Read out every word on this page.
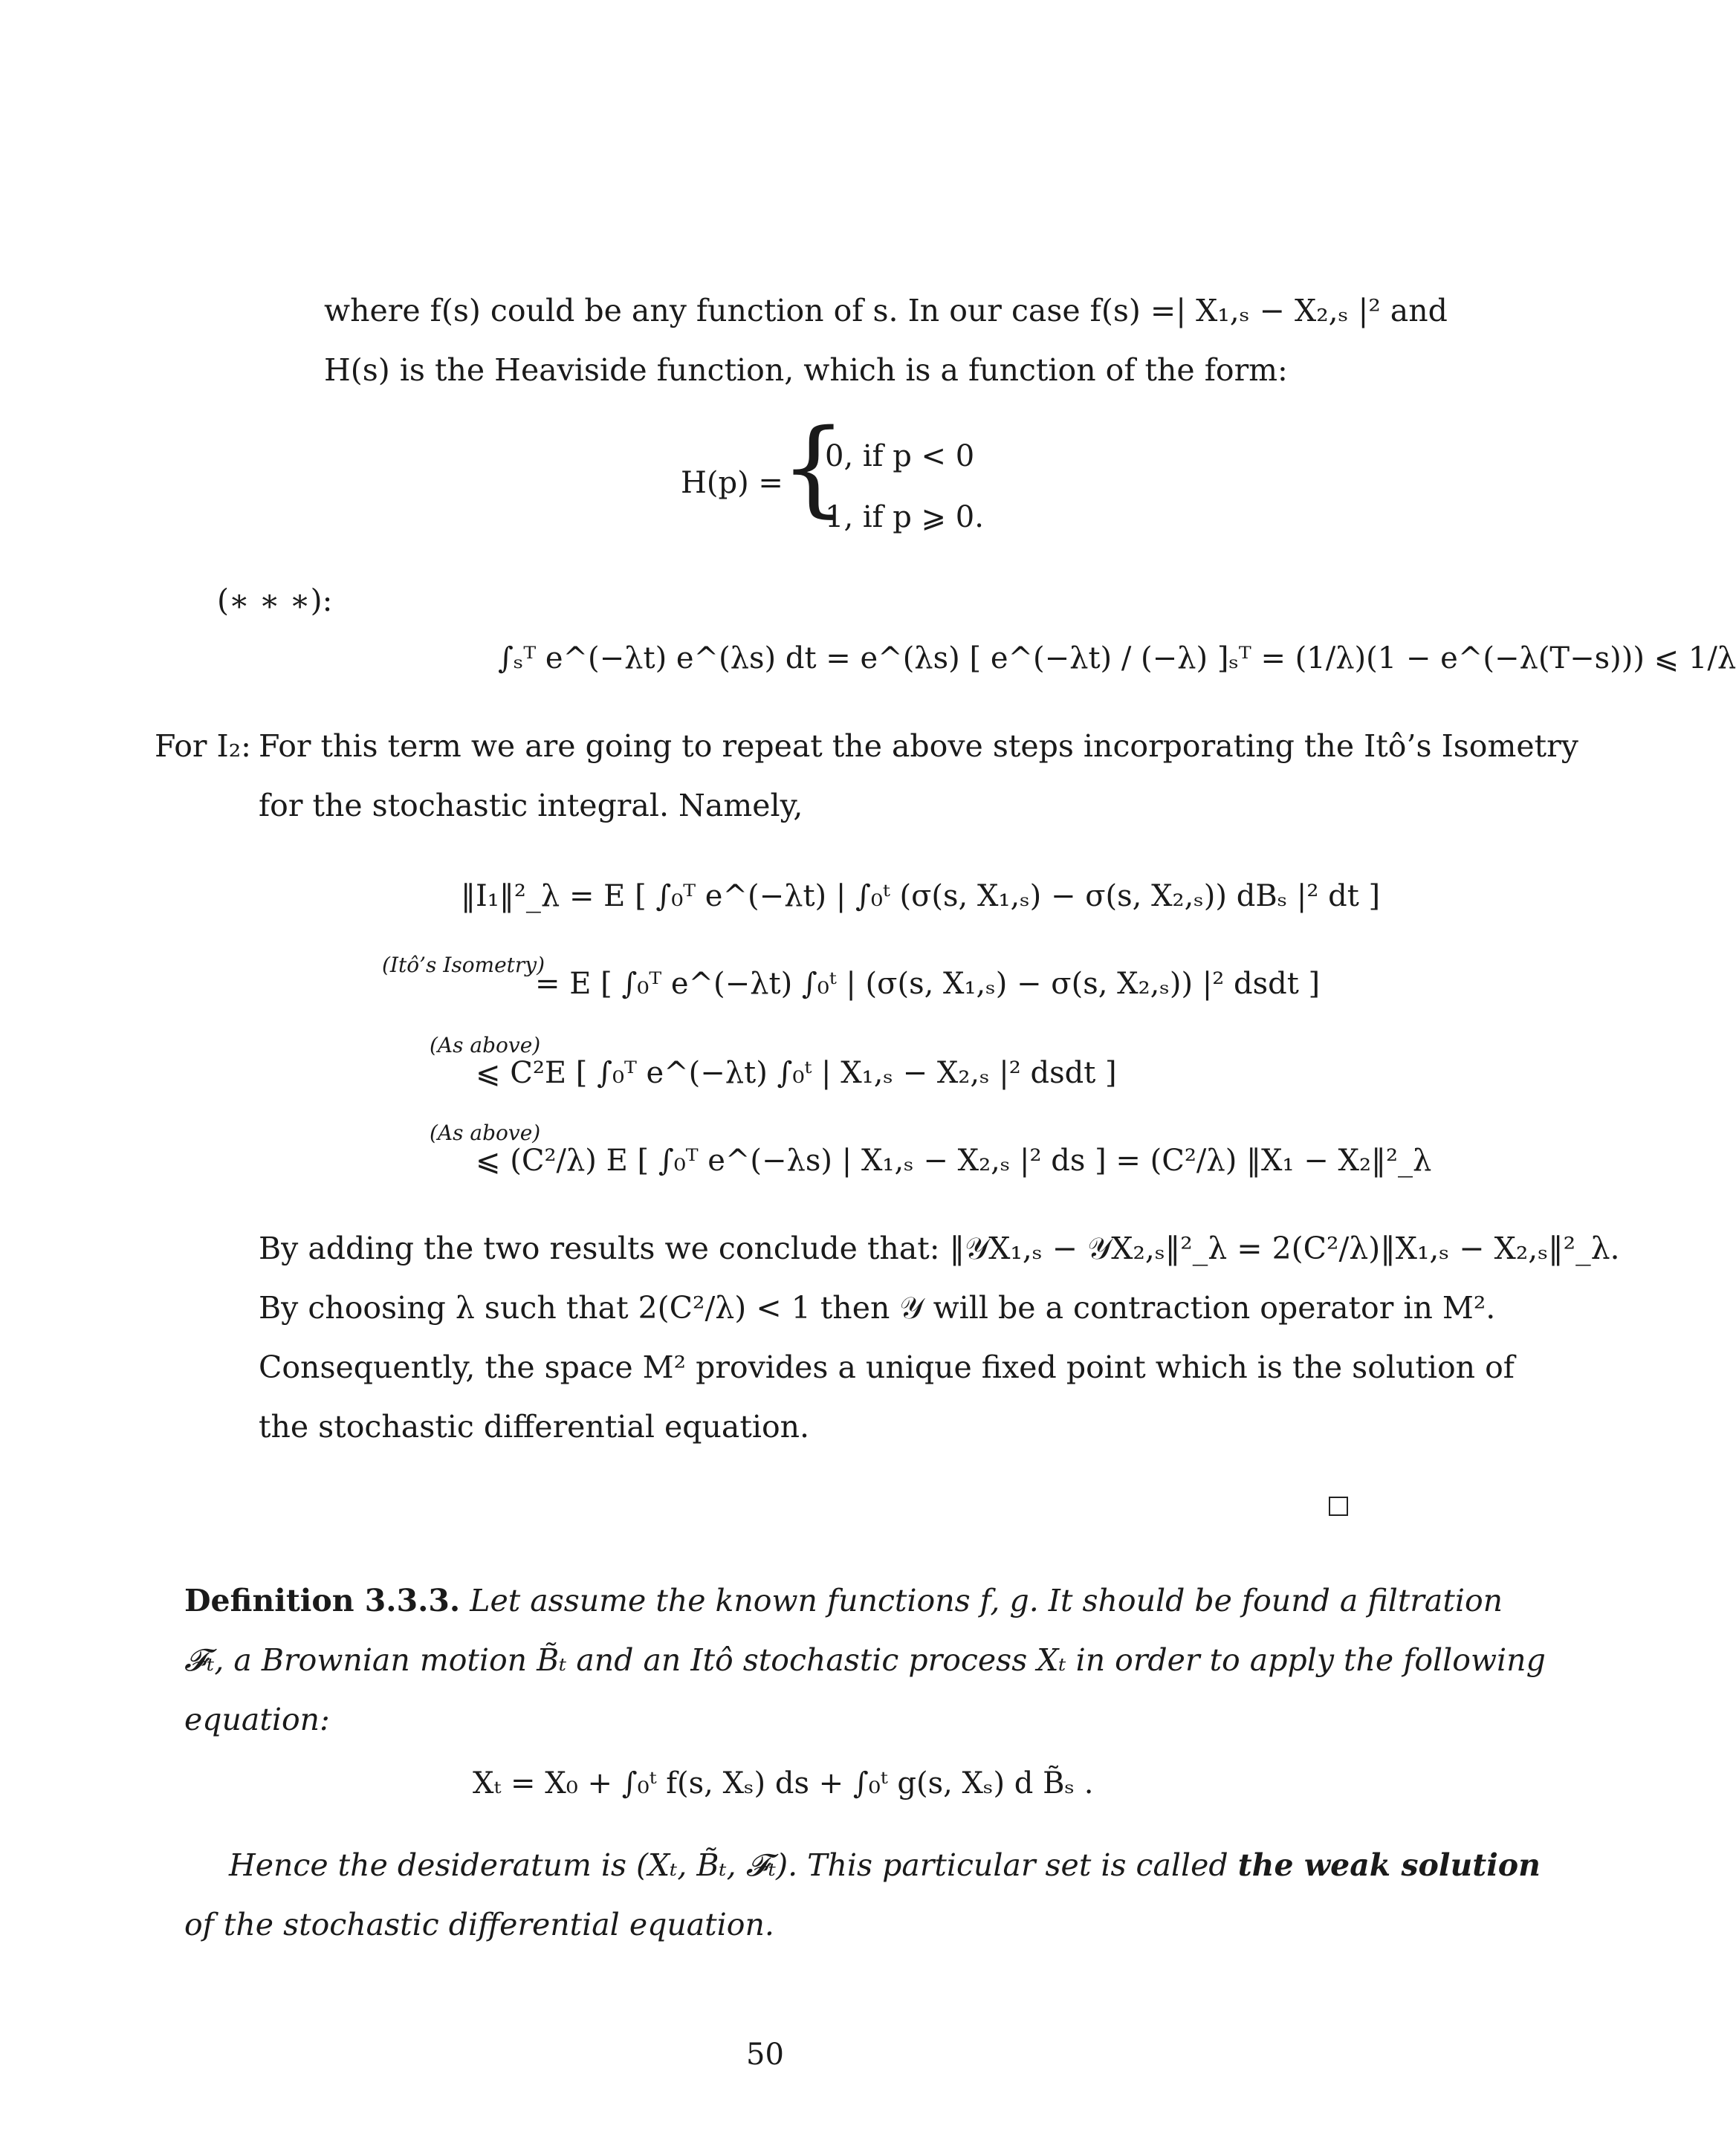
where f(s) could be any function of s. In our case f(s) =| X₁,ₛ − X₂,ₛ |² and
H(s) is the Heaviside function, which is a function of the form:
H(p) =
{
0, if p < 0
1, if p ⩾ 0.
(∗ ∗ ∗):
∫ₛᵀ e^(−λt) e^(λs) dt = e^(λs) [ e^(−λt) / (−λ) ]ₛᵀ = (1/λ)(1 − e^(−λ(T−s))) ⩽ 1/λ
For I₂: For this term we are going to repeat the above steps incorporating the Itô’s Isometry
for the stochastic integral. Namely,
‖I₁‖²_λ = E [ ∫₀ᵀ e^(−λt) | ∫₀ᵗ (σ(s, X₁,ₛ) − σ(s, X₂,ₛ)) dBₛ |² dt ]
(Itô’s Isometry)
= E [ ∫₀ᵀ e^(−λt) ∫₀ᵗ | (σ(s, X₁,ₛ) − σ(s, X₂,ₛ)) |² dsdt ]
(As above)
⩽ C²E [ ∫₀ᵀ e^(−λt) ∫₀ᵗ | X₁,ₛ − X₂,ₛ |² dsdt ]
(As above)
⩽ (C²/λ) E [ ∫₀ᵀ e^(−λs) | X₁,ₛ − X₂,ₛ |² ds ] = (C²/λ) ‖X₁ − X₂‖²_λ
By adding the two results we conclude that: ‖𝒴X₁,ₛ − 𝒴X₂,ₛ‖²_λ = 2(C²/λ)‖X₁,ₛ − X₂,ₛ‖²_λ.
By choosing λ such that 2(C²/λ) < 1 then 𝒴 will be a contraction operator in M².
Consequently, the space M² provides a unique fixed point which is the solution of
the stochastic differential equation.
Definition 3.3.3. Let assume the known functions f, g. It should be found a filtration
𝓕ₜ, a Brownian motion B̃ₜ and an Itô stochastic process Xₜ in order to apply the following
equation:
Xₜ = X₀ + ∫₀ᵗ f(s, Xₛ) ds + ∫₀ᵗ g(s, Xₛ) d B̃ₛ .
Hence the desideratum is (Xₜ, B̃ₜ, 𝓕ₜ). This particular set is called the weak solution
of the stochastic differential equation.
50
